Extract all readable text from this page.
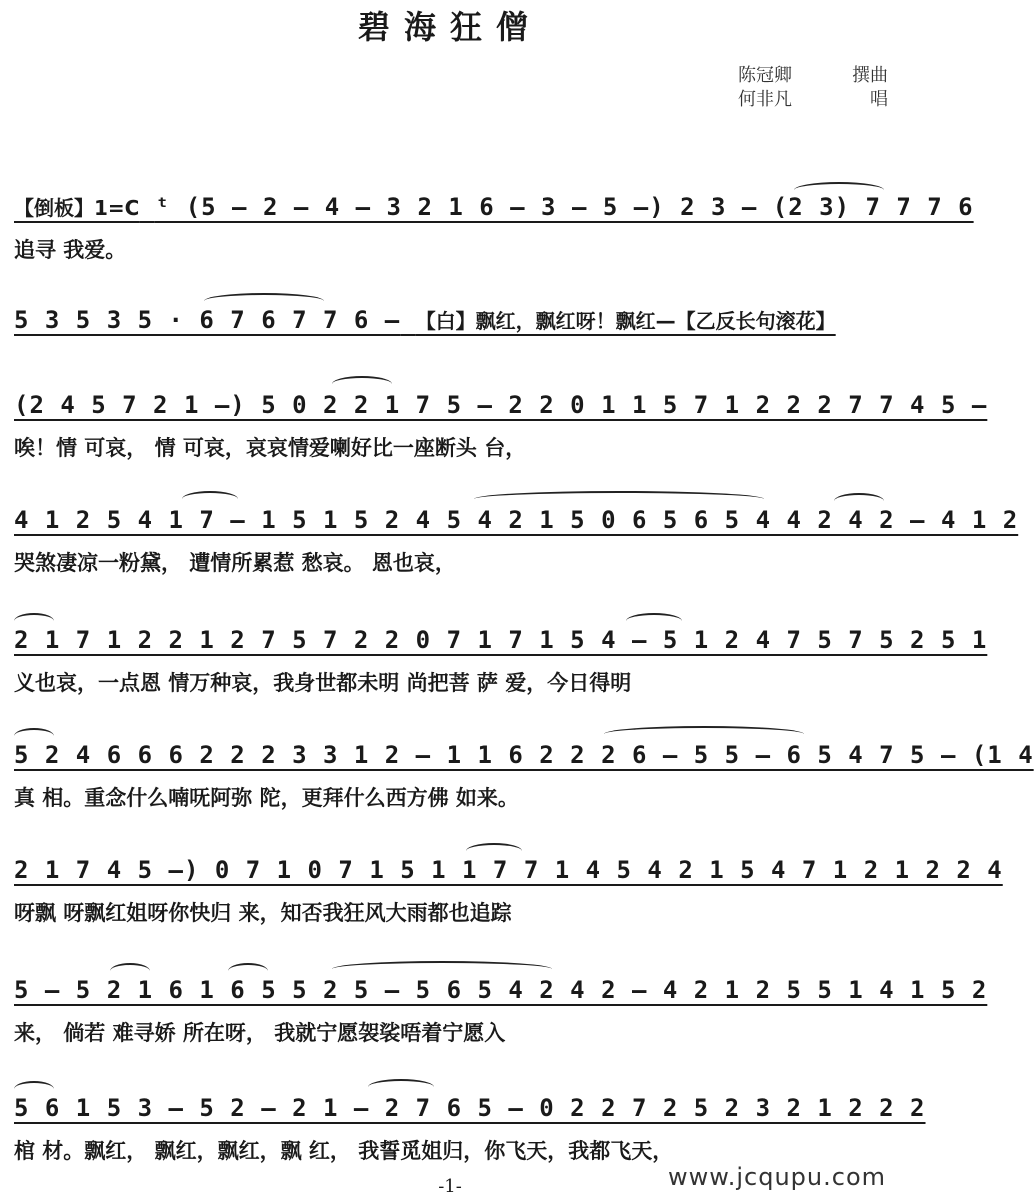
碧海狂僧
陈冠卿	撰曲
何非凡	唱
【倒板】1=C ᵗ (5 – 2 – 4 – 3 2 1 6 – 3 – 5 –) 2 3 – (2 3) 7 7 7 6
追寻 我爱。
5 3 5 3 5 · 6 7 6 7 7 6 – 【白】飘红，飘红呀！飘红—【乙反长句滚花】
(2 4 5 7 2 1 –) 5 0 2 2 1 7 5 – 2 2 0 1 1 5 7 1 2 2 2 7 7 4 5 –
唉！情 可哀， 情 可哀，哀哀情爱喇好比一座断头 台，
4 1 2 5 4 1 7 – 1 5 1 5 2 4 5 4 2 1 5 0 6 5 6 5 4 4 2 4 2 – 4 1 2
哭煞凄凉一粉黛， 遭情所累惹 愁哀。 恩也哀，
2 1 7 1 2 2 1 2 7 5 7 2 2 0 7 1 7 1 5 4 – 5 1 2 4 7 5 7 5 2 5 1
义也哀，一点恩 情万种哀，我身世都未明 尚把菩 萨 爱，今日得明
5 2 4 6 6 6 2 2 2 3 3 1 2 – 1 1 6 2 2 2 6 – 5 5 – 6 5 4 7 5 – (1 4
真 相。重念什么喃呒阿弥 陀，更拜什么西方佛 如来。
2 1 7 4 5 –) 0 7 1 0 7 1 5 1 1 7 7 1 4 5 4 2 1 5 4 7 1 2 1 2 2 4
呀飘 呀飘红姐呀你快归 来，知否我狂风大雨都也追踪
5 – 5 2 1 6 1 6 5 5 2 5 – 5 6 5 4 2 4 2 – 4 2 1 2 5 5 1 4 1 5 2
来， 倘若 难寻娇 所在呀， 我就宁愿袈裟唔着宁愿入
5 6 1 5 3 – 5 2 – 2 1 – 2 7 6 5 – 0 2 2 7 2 5 2 3 2 1 2 2 2
棺 材。飘红， 飘红，飘红，飘 红， 我誓觅姐归，你飞天，我都飞天，
-1-	www.jcqupu.com
